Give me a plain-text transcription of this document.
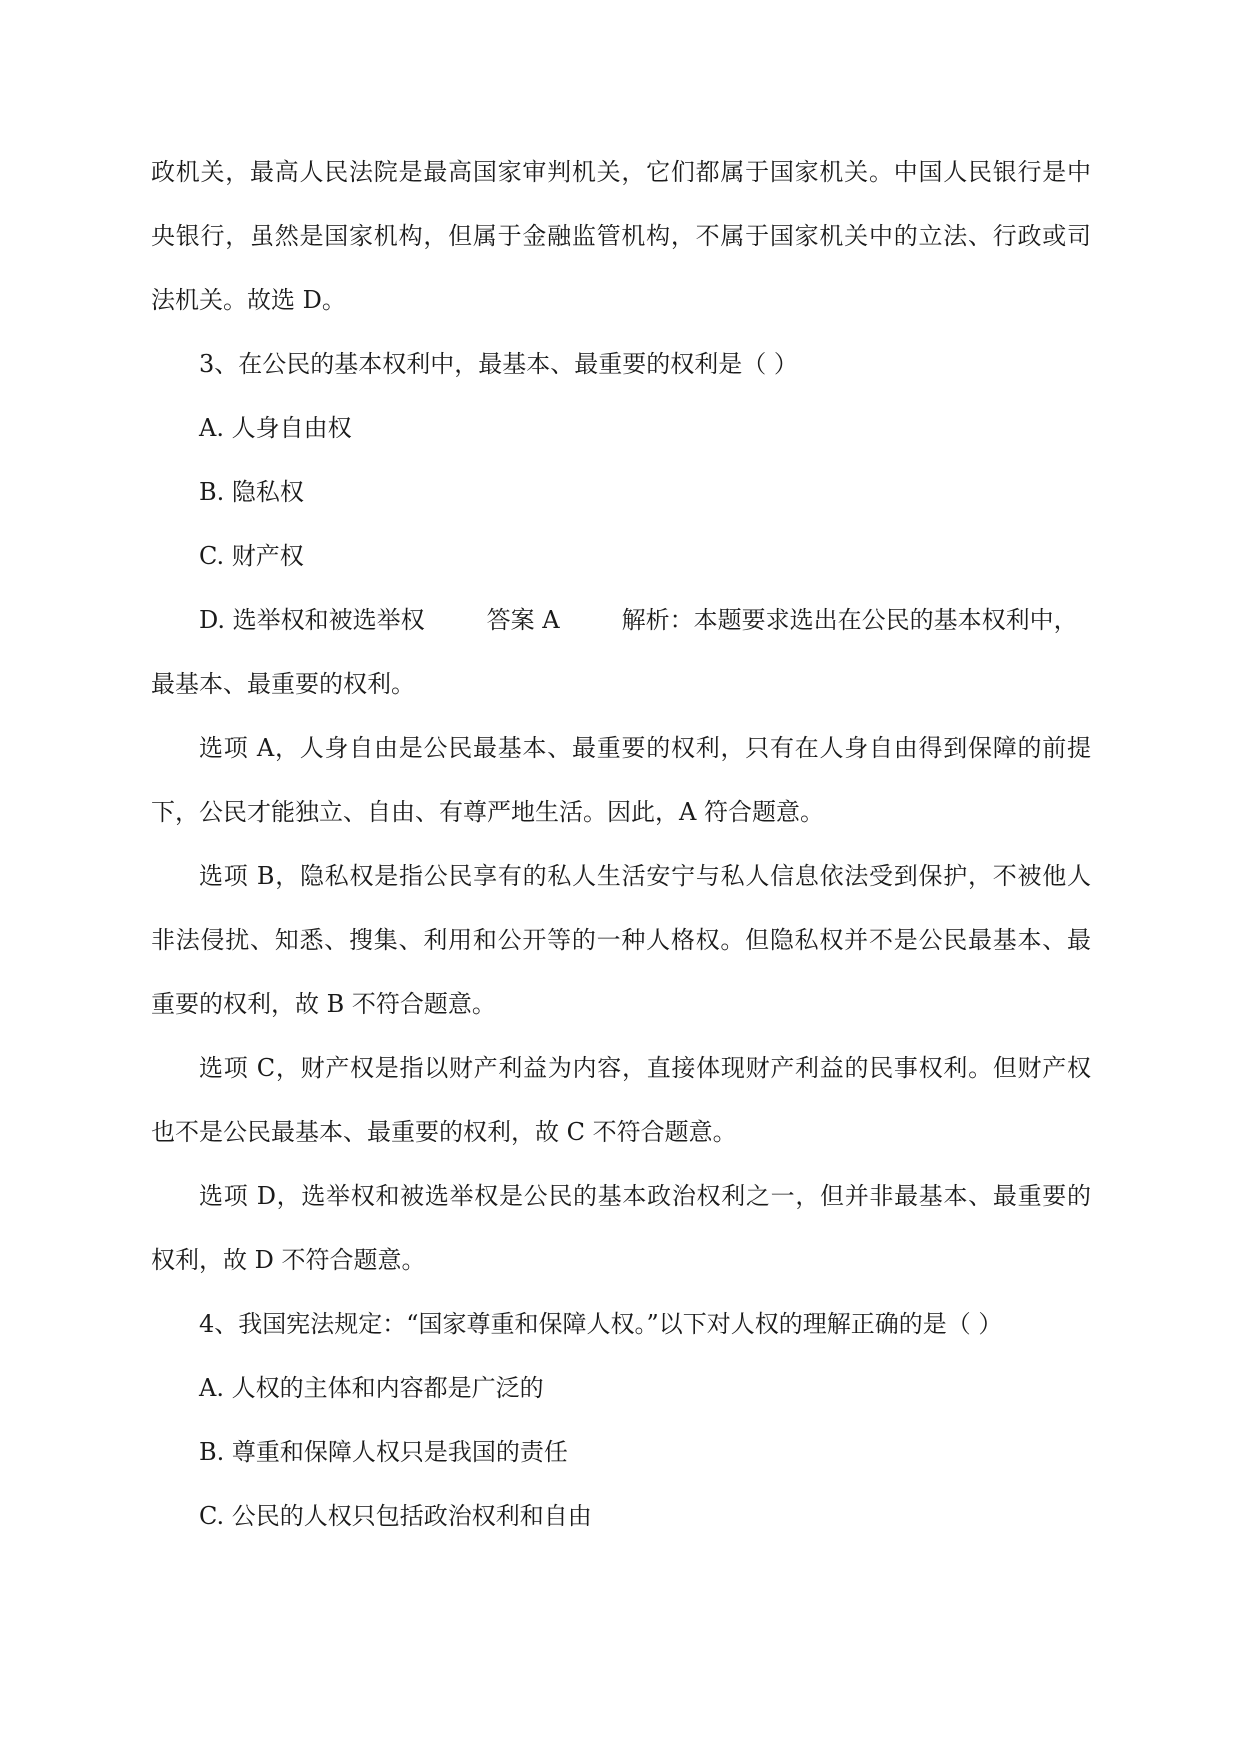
政机关，最高人民法院是最高国家审判机关，它们都属于国家机关。中国人民银行是中
央银行，虽然是国家机构，但属于金融监管机构，不属于国家机关中的立法、行政或司
法机关。故选 D。
3、在公民的基本权利中，最基本、最重要的权利是（ ）
A. 人身自由权
B. 隐私权
C. 财产权
D. 选举权和被选举权	答案 A	解析：本题要求选出在公民的基本权利中，
最基本、最重要的权利。
选项 A，人身自由是公民最基本、最重要的权利，只有在人身自由得到保障的前提
下，公民才能独立、自由、有尊严地生活。因此，A 符合题意。
选项 B，隐私权是指公民享有的私人生活安宁与私人信息依法受到保护，不被他人
非法侵扰、知悉、搜集、利用和公开等的一种人格权。但隐私权并不是公民最基本、最
重要的权利，故 B 不符合题意。
选项 C，财产权是指以财产利益为内容，直接体现财产利益的民事权利。但财产权
也不是公民最基本、最重要的权利，故 C 不符合题意。
选项 D，选举权和被选举权是公民的基本政治权利之一，但并非最基本、最重要的
权利，故 D 不符合题意。
4、我国宪法规定：“国家尊重和保障人权。”以下对人权的理解正确的是（ ）
A. 人权的主体和内容都是广泛的
B. 尊重和保障人权只是我国的责任
C. 公民的人权只包括政治权利和自由
